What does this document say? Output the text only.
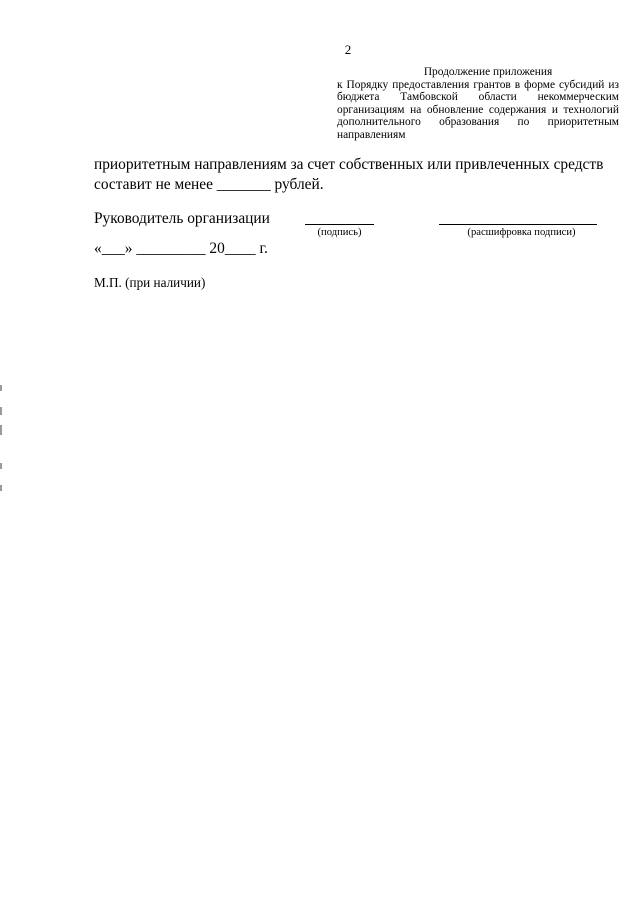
2
Продолжение приложения
к Порядку предоставления грантов в форме субсидий из бюджета Тамбовской области некоммерческим организациям на обновление содержания и технологий дополнительного образования по приоритетным направлениям
приоритетным направлениям за счет собственных или привлеченных средств
составит не менее _______ рублей.
Руководитель организации
(подпись)	(расшифровка подписи)
«___» _________ 20____ г.
М.П. (при наличии)
